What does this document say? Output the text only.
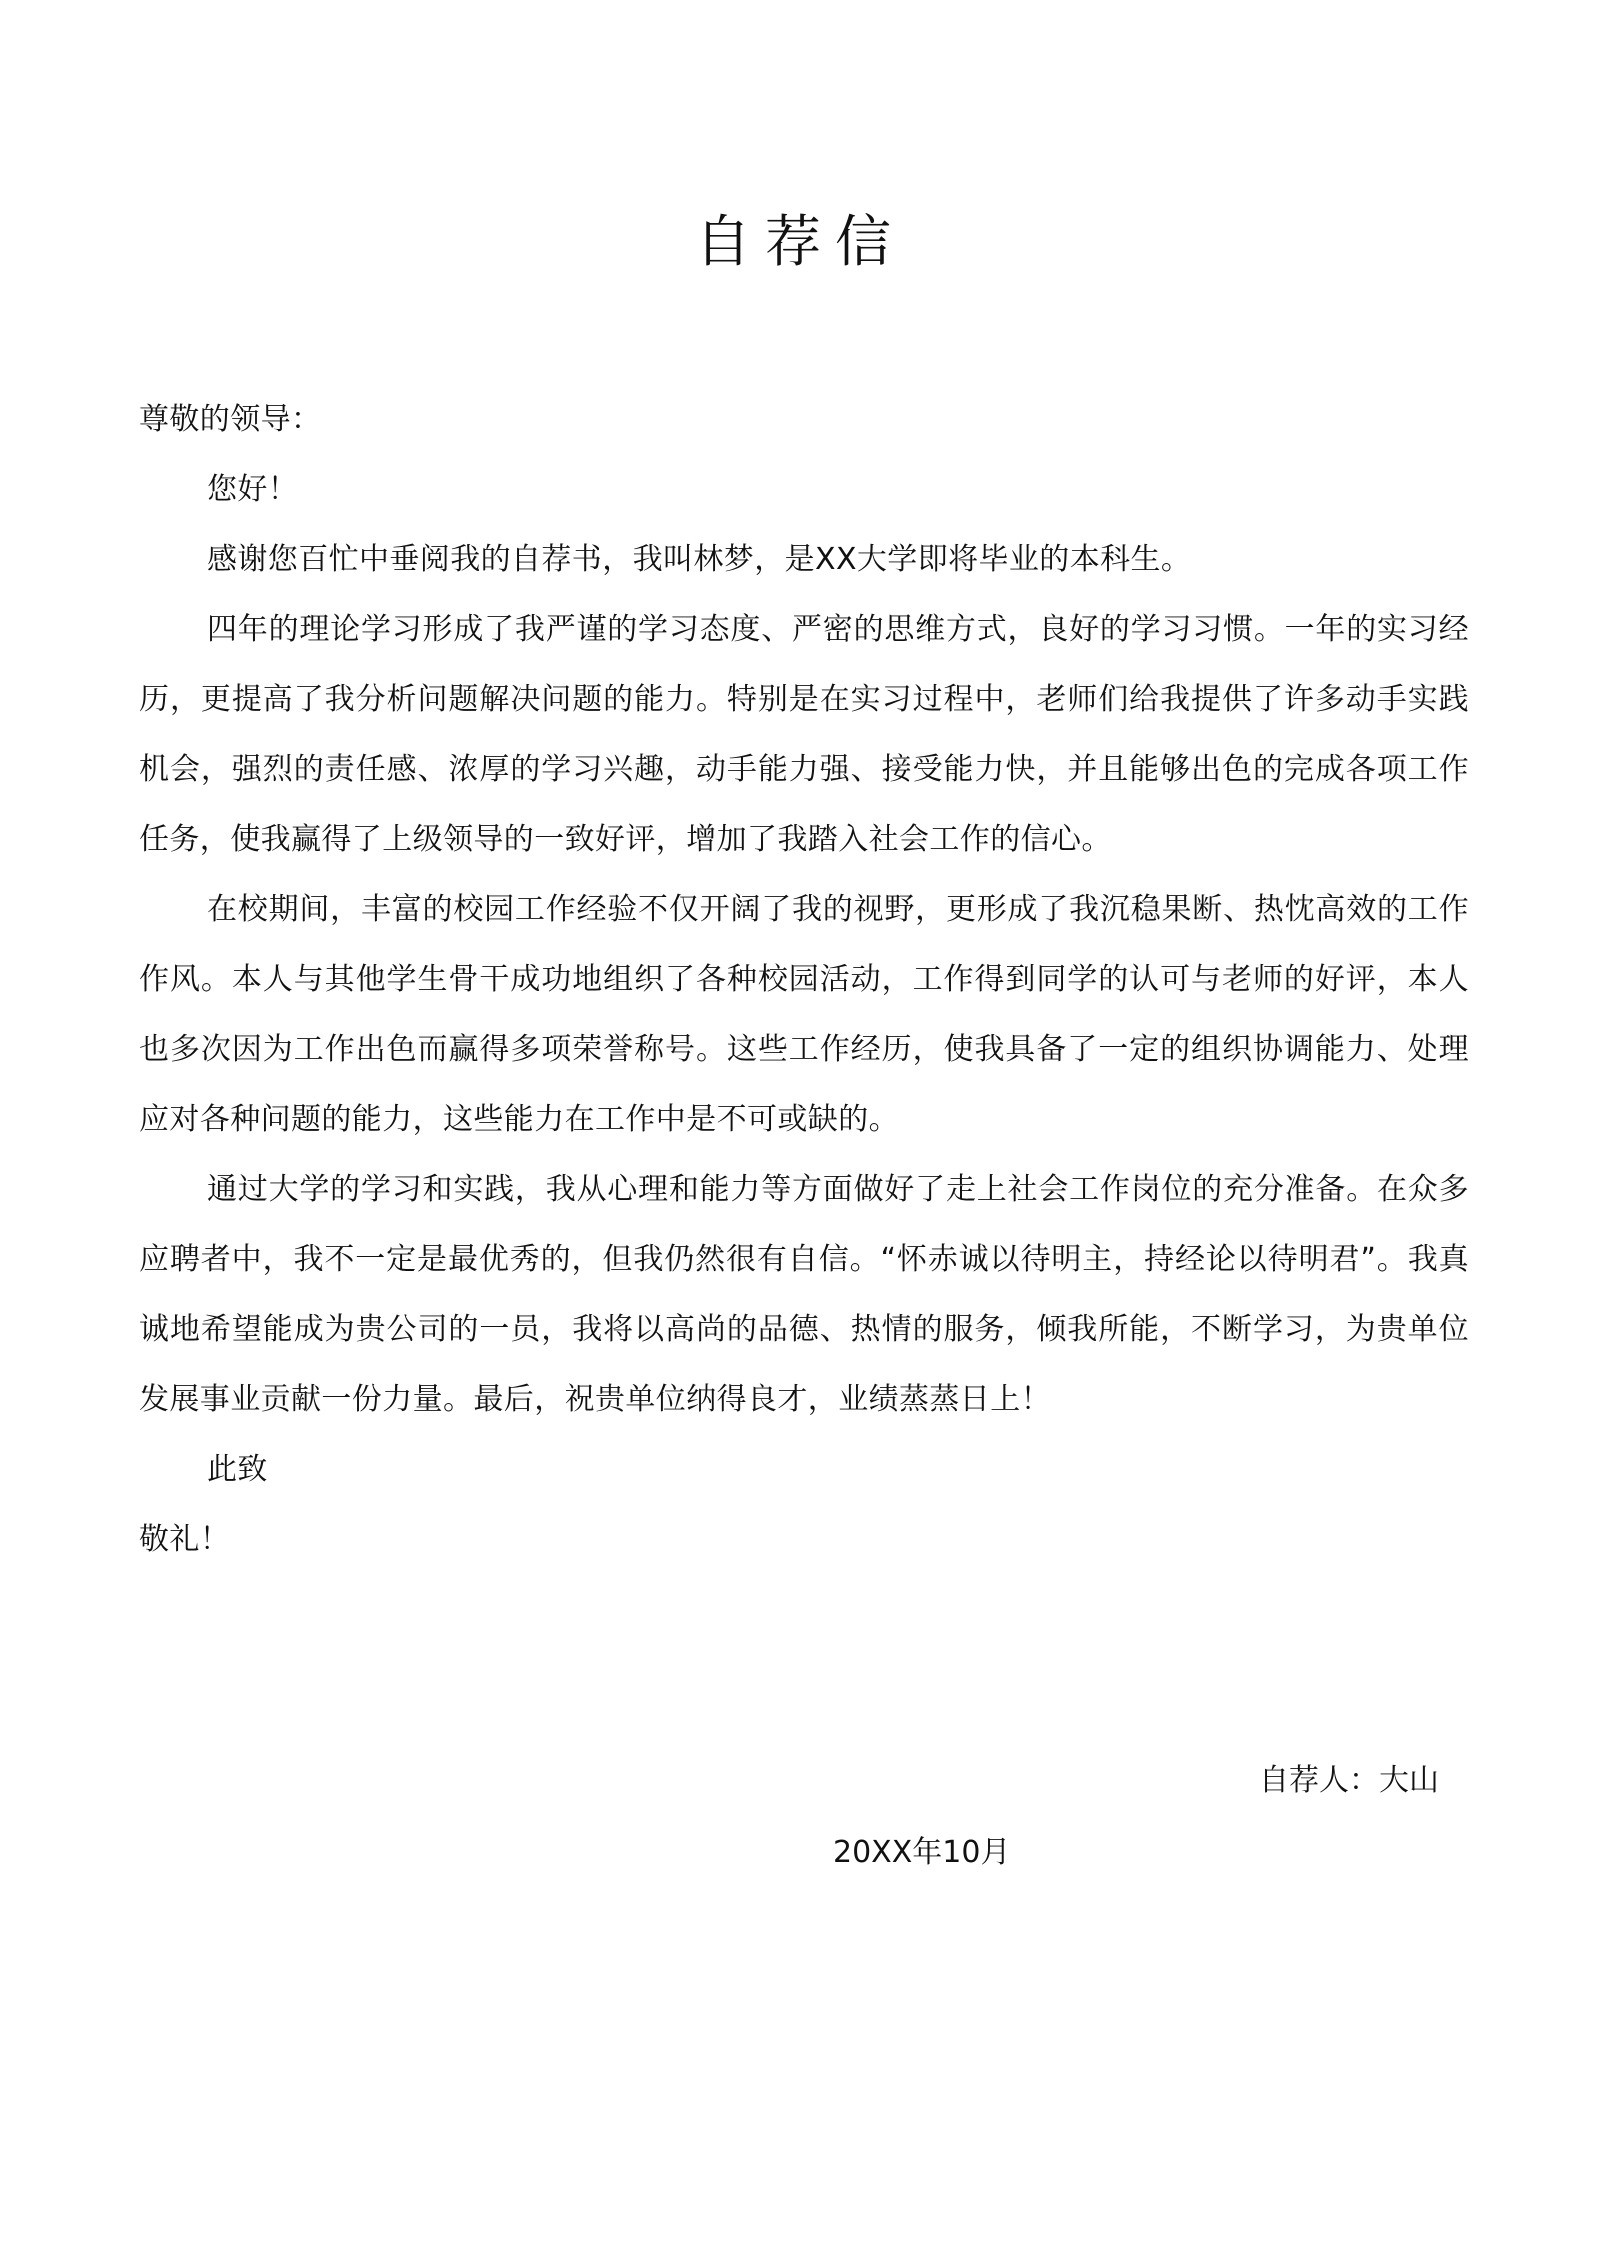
自荐信

尊敬的领导：

您好！

感谢您百忙中垂阅我的自荐书，我叫林梦，是XX大学即将毕业的本科生。

四年的理论学习形成了我严谨的学习态度、严密的思维方式，良好的学习习惯。一年的实习经历，更提高了我分析问题解决问题的能力。特别是在实习过程中，老师们给我提供了许多动手实践机会，强烈的责任感、浓厚的学习兴趣，动手能力强、接受能力快，并且能够出色的完成各项工作任务，使我赢得了上级领导的一致好评，增加了我踏入社会工作的信心。

在校期间，丰富的校园工作经验不仅开阔了我的视野，更形成了我沉稳果断、热忱高效的工作作风。本人与其他学生骨干成功地组织了各种校园活动，工作得到同学的认可与老师的好评，本人也多次因为工作出色而赢得多项荣誉称号。这些工作经历，使我具备了一定的组织协调能力、处理应对各种问题的能力，这些能力在工作中是不可或缺的。

通过大学的学习和实践，我从心理和能力等方面做好了走上社会工作岗位的充分准备。在众多应聘者中，我不一定是最优秀的，但我仍然很有自信。“怀赤诚以待明主，持经论以待明君”。我真诚地希望能成为贵公司的一员，我将以高尚的品德、热情的服务，倾我所能，不断学习，为贵单位发展事业贡献一份力量。最后，祝贵单位纳得良才，业绩蒸蒸日上！

此致

敬礼！

自荐人：大山
20XX年10月
